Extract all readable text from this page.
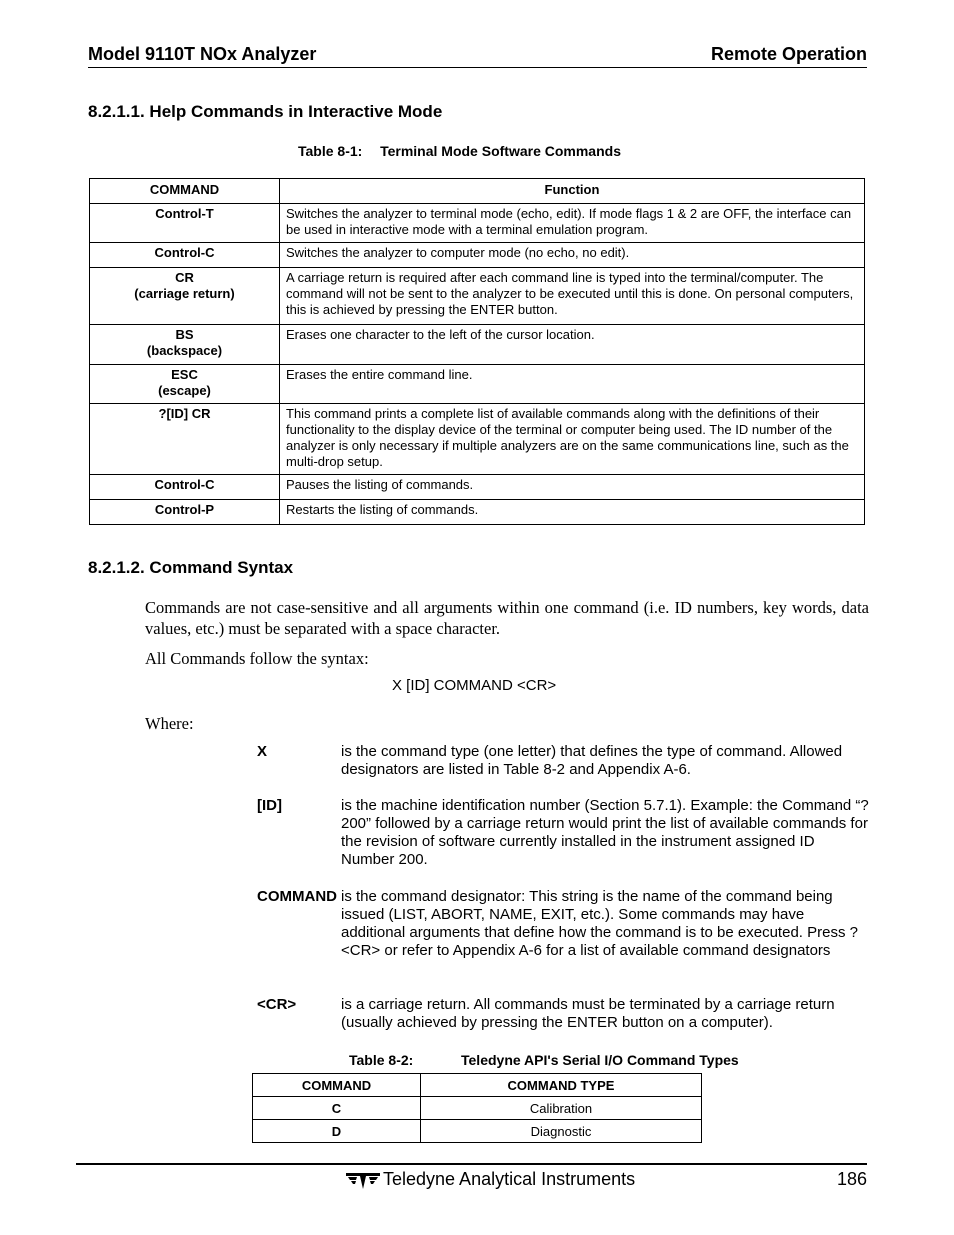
Model 9110T NOx Analyzer	Remote Operation
8.2.1.1. Help Commands in Interactive Mode
Table 8-1: Terminal Mode Software Commands
COMMAND	Function

Control-T	Switches the analyzer to terminal mode (echo, edit). If mode flags 1 & 2 are OFF, the interface can be used in interactive mode with a terminal emulation program.

Control-C	Switches the analyzer to computer mode (no echo, no edit).

CR
(carriage return)	A carriage return is required after each command line is typed into the terminal/computer. The command will not be sent to the analyzer to be executed until this is done. On personal computers, this is achieved by pressing the ENTER button.

BS
(backspace)	Erases one character to the left of the cursor location.

ESC
(escape)	Erases the entire command line.

?[ID] CR	This command prints a complete list of available commands along with the definitions of their functionality to the display device of the terminal or computer being used. The ID number of the analyzer is only necessary if multiple analyzers are on the same communications line, such as the multi-drop setup.

Control-C	Pauses the listing of commands.

Control-P	Restarts the listing of commands.
8.2.1.2. Command Syntax
Commands are not case-sensitive and all arguments within one command (i.e. ID numbers, key words, data values, etc.) must be separated with a space character.
All Commands follow the syntax:
X [ID] COMMAND <CR>
Where:
X	is the command type (one letter) that defines the type of command. Allowed designators are listed in Table 8-2 and Appendix A-6.
[ID]	is the machine identification number (Section 5.7.1). Example: the Command “? 200” followed by a carriage return would print the list of available commands for the revision of software currently installed in the instrument assigned ID Number 200.
COMMAND is the command designator: This string is the name of the command being issued (LIST, ABORT, NAME, EXIT, etc.). Some commands may have additional arguments that define how the command is to be executed. Press ? <CR> or refer to Appendix A-6 for a list of available command designators
<CR>	is a carriage return. All commands must be terminated by a carriage return (usually achieved by pressing the ENTER button on a computer).
Table 8-2:	Teledyne API's Serial I/O Command Types
COMMAND	COMMAND TYPE
C	Calibration
D	Diagnostic
Teledyne Analytical Instruments	186
